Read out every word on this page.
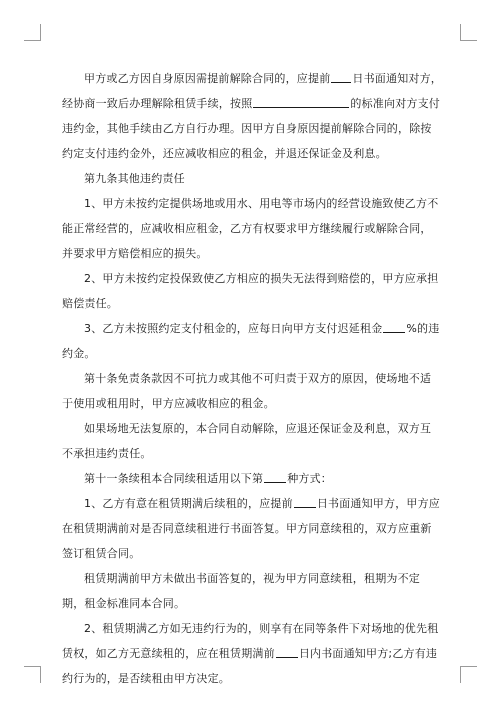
甲方或乙方因自身原因需提前解除合同的，应提前 日书面通知对方，经协商一致后办理解除租赁手续，按照	的标准向对方支付违约金，其他手续由乙方自行办理。因甲方自身原因提前解除合同的，除按约定支付违约金外，还应减收相应的租金，并退还保证金及利息。

第九条其他违约责任

1、甲方未按约定提供场地或用水、用电等市场内的经营设施致使乙方不能正常经营的，应减收相应租金，乙方有权要求甲方继续履行或解除合同，并要求甲方赔偿相应的损失。

2、甲方未按约定投保致使乙方相应的损失无法得到赔偿的，甲方应承担赔偿责任。

3、乙方未按照约定支付租金的，应每日向甲方支付迟延租金 %的违约金。

第十条免责条款因不可抗力或其他不可归责于双方的原因，使场地不适于使用或租用时，甲方应减收相应的租金。

如果场地无法复原的，本合同自动解除，应退还保证金及利息，双方互不承担违约责任。

第十一条续租本合同续租适用以下第 种方式：

1、乙方有意在租赁期满后续租的，应提前 日书面通知甲方，甲方应在租赁期满前对是否同意续租进行书面答复。甲方同意续租的，双方应重新签订租赁合同。

租赁期满前甲方未做出书面答复的，视为甲方同意续租，租期为不定期，租金标准同本合同。

2、租赁期满乙方如无违约行为的，则享有在同等条件下对场地的优先租赁权，如乙方无意续租的，应在租赁期满前 日内书面通知甲方;乙方有违约行为的，是否续租由甲方决定。
